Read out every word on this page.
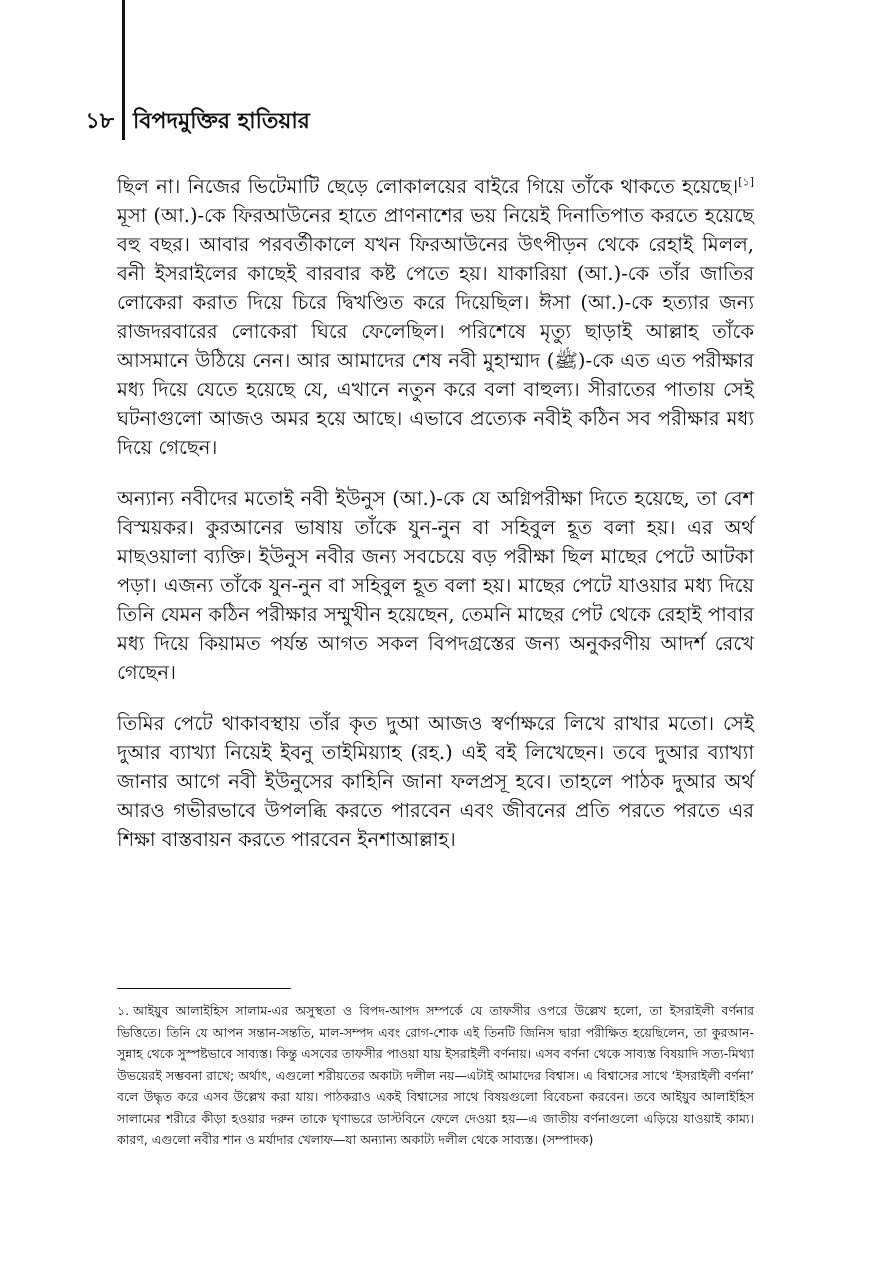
১৮ বিপদমুক্তির হাতিয়ার

ছিল না। নিজের ভিটেমাটি ছেড়ে লোকালয়ের বাইরে গিয়ে তাঁকে থাকতে হয়েছে।[১] মূসা (আ.)-কে ফিরআউনের হাতে প্রাণনাশের ভয় নিয়েই দিনাতিপাত করতে হয়েছে বহু বছর। আবার পরবর্তীকালে যখন ফিরআউনের উৎপীড়ন থেকে রেহাই মিলল, বনী ইসরাইলের কাছেই বারবার কষ্ট পেতে হয়। যাকারিয়া (আ.)-কে তাঁর জাতির লোকেরা করাত দিয়ে চিরে দ্বিখণ্ডিত করে দিয়েছিল। ঈসা (আ.)-কে হত্যার জন্য রাজদরবারের লোকেরা ঘিরে ফেলেছিল। পরিশেষে মৃত্যু ছাড়াই আল্লাহ তাঁকে আসমানে উঠিয়ে নেন। আর আমাদের শেষ নবী মুহাম্মাদ (ﷺ)-কে এত এত পরীক্ষার মধ্য দিয়ে যেতে হয়েছে যে, এখানে নতুন করে বলা বাহুল্য। সীরাতের পাতায় সেই ঘটনাগুলো আজও অমর হয়ে আছে। এভাবে প্রত্যেক নবীই কঠিন সব পরীক্ষার মধ্য দিয়ে গেছেন।

অন্যান্য নবীদের মতোই নবী ইউনুস (আ.)-কে যে অগ্নিপরীক্ষা দিতে হয়েছে, তা বেশ বিস্ময়কর। কুরআনের ভাষায় তাঁকে যুন-নুন বা সহিবুল হূত বলা হয়। এর অর্থ মাছওয়ালা ব্যক্তি। ইউনুস নবীর জন্য সবচেয়ে বড় পরীক্ষা ছিল মাছের পেটে আটকা পড়া। এজন্য তাঁকে যুন-নুন বা সহিবুল হূত বলা হয়। মাছের পেটে যাওয়ার মধ্য দিয়ে তিনি যেমন কঠিন পরীক্ষার সম্মুখীন হয়েছেন, তেমনি মাছের পেট থেকে রেহাই পাবার মধ্য দিয়ে কিয়ামত পর্যন্ত আগত সকল বিপদগ্রস্তের জন্য অনুকরণীয় আদর্শ রেখে গেছেন।

তিমির পেটে থাকাবস্থায় তাঁর কৃত দুআ আজও স্বর্ণাক্ষরে লিখে রাখার মতো। সেই দুআর ব্যাখ্যা নিয়েই ইবনু তাইমিয়্যাহ (রহ.) এই বই লিখেছেন। তবে দুআর ব্যাখ্যা জানার আগে নবী ইউনুসের কাহিনি জানা ফলপ্রসূ হবে। তাহলে পাঠক দুআর অর্থ আরও গভীরভাবে উপলব্ধি করতে পারবেন এবং জীবনের প্রতি পরতে পরতে এর শিক্ষা বাস্তবায়ন করতে পারবেন ইনশাআল্লাহ।

১. আইয়ুব আলাইহিস সালাম-এর অসুস্থতা ও বিপদ-আপদ সম্পর্কে যে তাফসীর ওপরে উল্লেখ হলো, তা ইসরাইলী বর্ণনার ভিত্তিতে। তিনি যে আপন সন্তান-সন্ততি, মাল-সম্পদ এবং রোগ-শোক এই তিনটি জিনিস দ্বারা পরীক্ষিত হয়েছিলেন, তা কুরআন-সুন্নাহ থেকে সুস্পষ্টভাবে সাব্যস্ত। কিন্তু এসবের তাফসীর পাওয়া যায় ইসরাইলী বর্ণনায়। এসব বর্ণনা থেকে সাব্যস্ত বিষয়াদি সত্য-মিথ্যা উভয়েরই সম্ভবনা রাখে; অর্থাৎ, এগুলো শরীয়তের অকাট্য দলীল নয়—এটাই আমাদের বিশ্বাস। এ বিশ্বাসের সাথে ‘ইসরাইলী বর্ণনা’ বলে উদ্ধৃত করে এসব উল্লেখ করা যায়। পাঠকরাও একই বিশ্বাসের সাথে বিষয়গুলো বিবেচনা করবেন। তবে আইয়ুব আলাইহিস সালামের শরীরে কীড়া হওয়ার দরুন তাকে ঘৃণাভরে ডাস্টবিনে ফেলে দেওয়া হয়—এ জাতীয় বর্ণনাগুলো এড়িয়ে যাওয়াই কাম্য। কারণ, এগুলো নবীর শান ও মর্যাদার খেলাফ—যা অন্যান্য অকাট্য দলীল থেকে সাব্যস্ত। (সম্পাদক)
